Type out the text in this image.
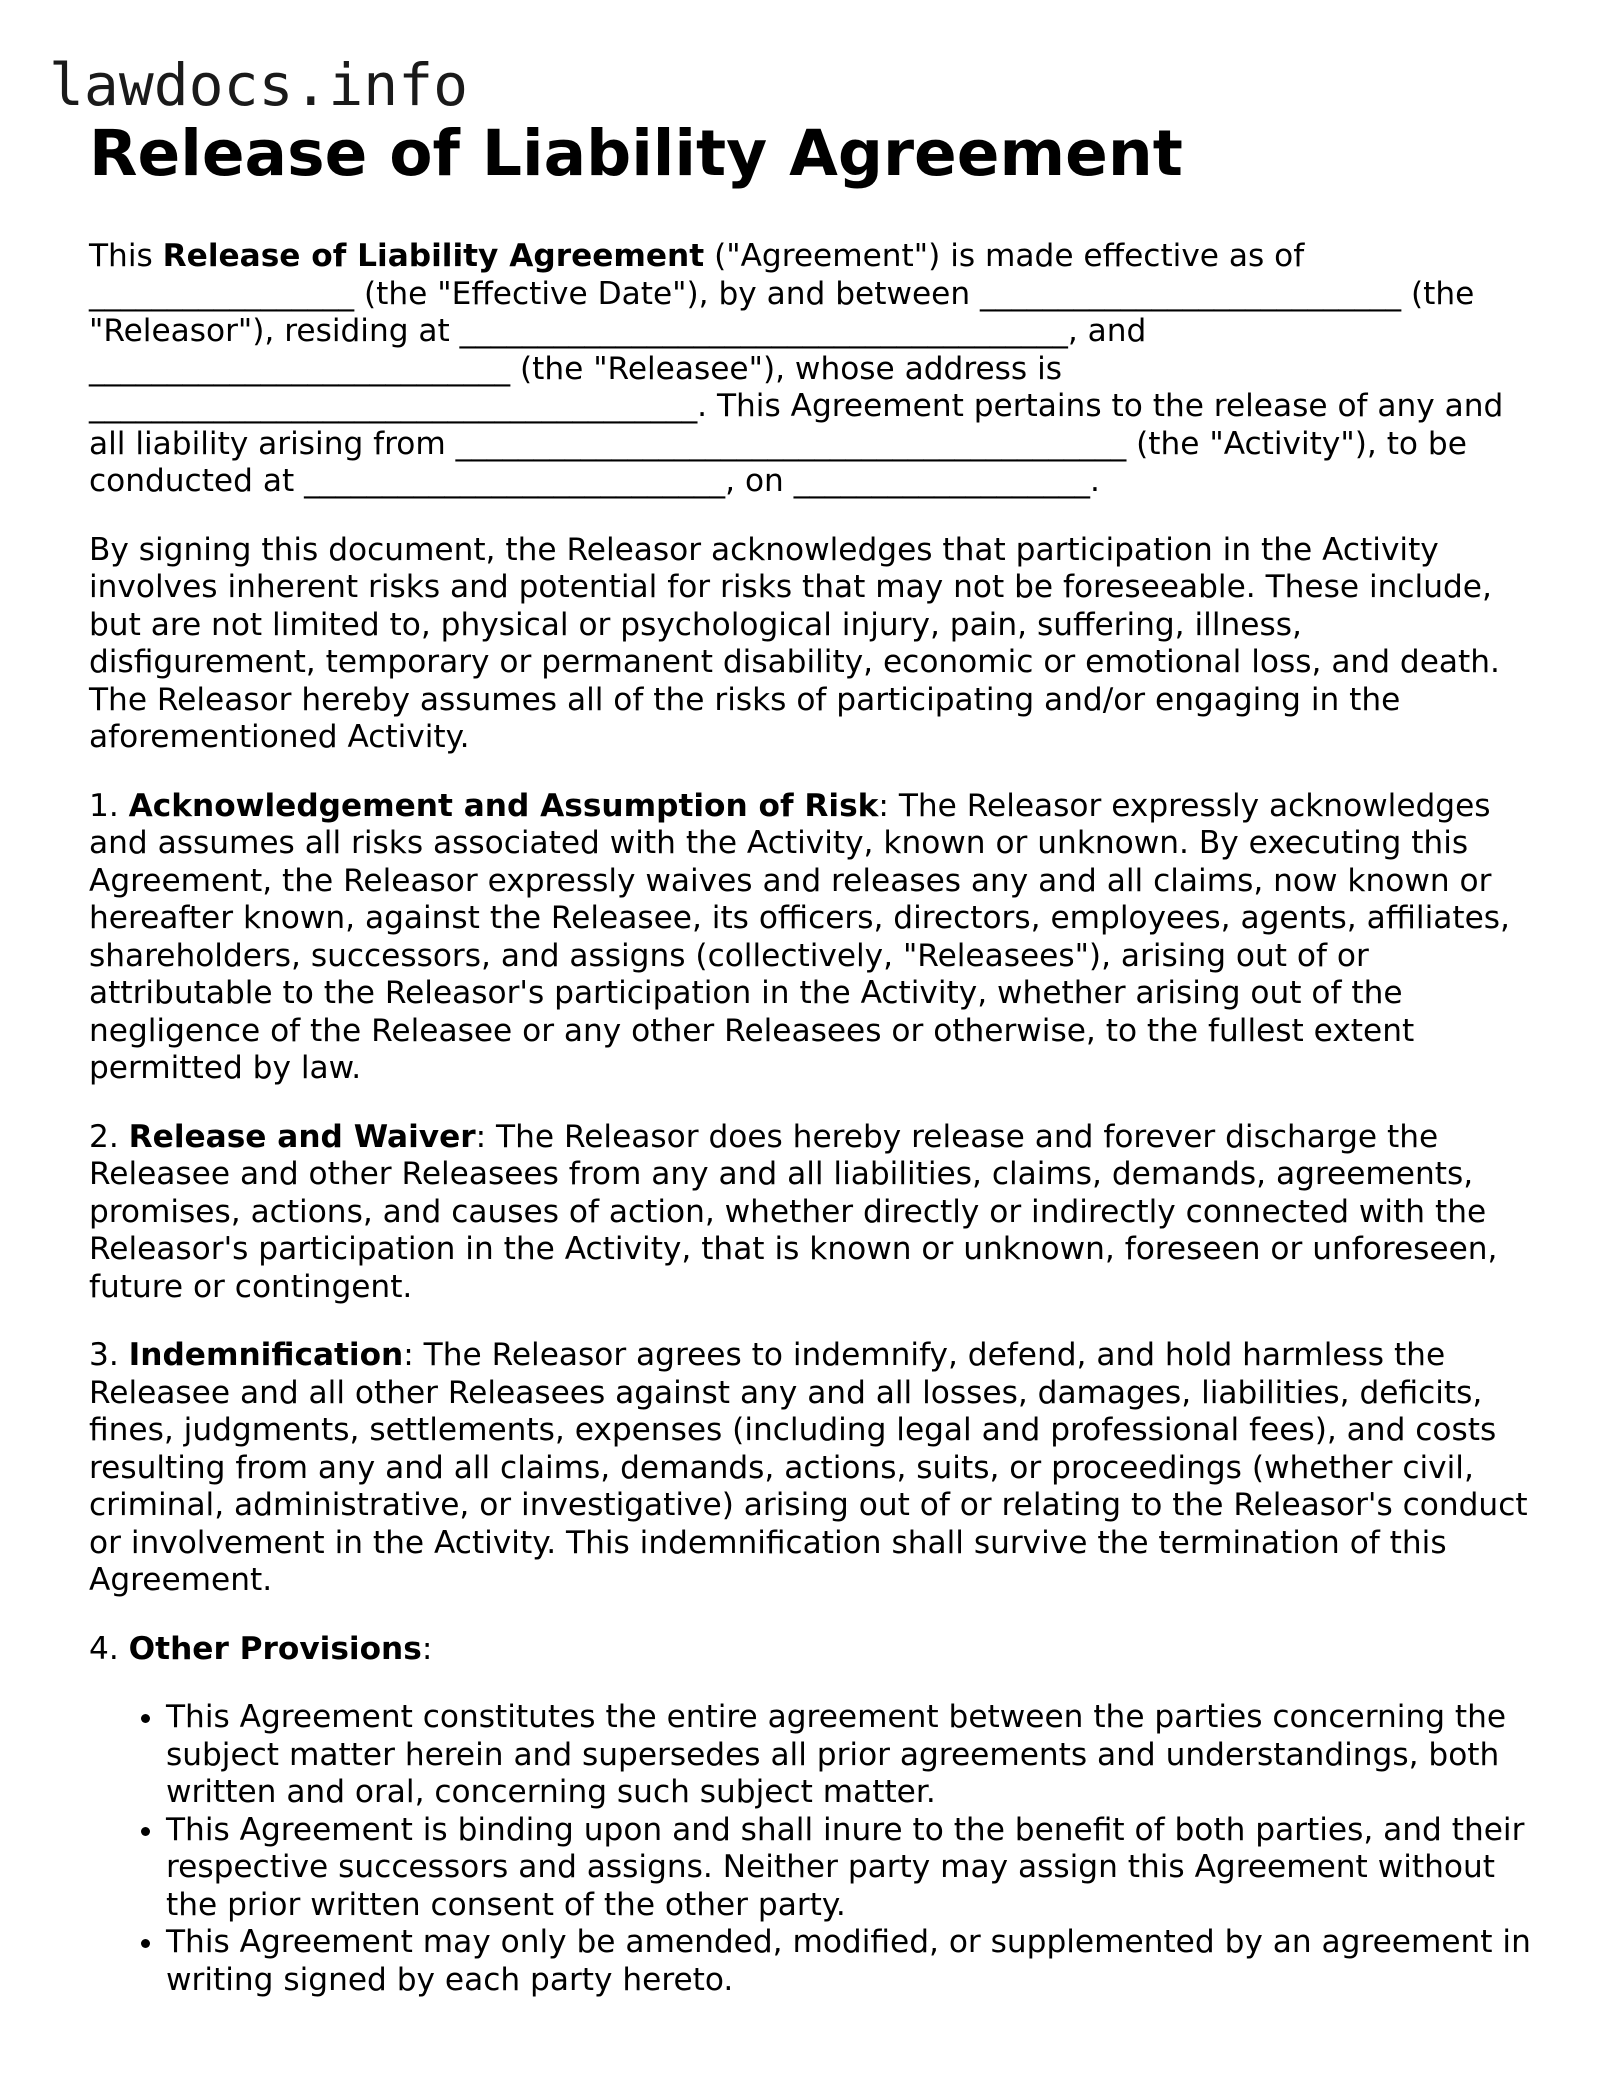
lawdocs.info
Release of Liability Agreement

This Release of Liability Agreement ("Agreement") is made effective as of _________________ (the "Effective Date"), by and between ___________________________ (the "Releasor"), residing at _______________________________________, and ___________________________ (the "Releasee"), whose address is _______________________________________. This Agreement pertains to the release of any and all liability arising from ___________________________________________ (the "Activity"), to be conducted at ___________________________, on ___________________.

By signing this document, the Releasor acknowledges that participation in the Activity involves inherent risks and potential for risks that may not be foreseeable. These include, but are not limited to, physical or psychological injury, pain, suffering, illness, disfigurement, temporary or permanent disability, economic or emotional loss, and death. The Releasor hereby assumes all of the risks of participating and/or engaging in the aforementioned Activity.

1. Acknowledgement and Assumption of Risk: The Releasor expressly acknowledges and assumes all risks associated with the Activity, known or unknown. By executing this Agreement, the Releasor expressly waives and releases any and all claims, now known or hereafter known, against the Releasee, its officers, directors, employees, agents, affiliates, shareholders, successors, and assigns (collectively, "Releasees"), arising out of or attributable to the Releasor's participation in the Activity, whether arising out of the negligence of the Releasee or any other Releasees or otherwise, to the fullest extent permitted by law.

2. Release and Waiver: The Releasor does hereby release and forever discharge the Releasee and other Releasees from any and all liabilities, claims, demands, agreements, promises, actions, and causes of action, whether directly or indirectly connected with the Releasor's participation in the Activity, that is known or unknown, foreseen or unforeseen, future or contingent.

3. Indemnification: The Releasor agrees to indemnify, defend, and hold harmless the Releasee and all other Releasees against any and all losses, damages, liabilities, deficits, fines, judgments, settlements, expenses (including legal and professional fees), and costs resulting from any and all claims, demands, actions, suits, or proceedings (whether civil, criminal, administrative, or investigative) arising out of or relating to the Releasor's conduct or involvement in the Activity. This indemnification shall survive the termination of this Agreement.

4. Other Provisions:

• This Agreement constitutes the entire agreement between the parties concerning the subject matter herein and supersedes all prior agreements and understandings, both written and oral, concerning such subject matter.
• This Agreement is binding upon and shall inure to the benefit of both parties, and their respective successors and assigns. Neither party may assign this Agreement without the prior written consent of the other party.
• This Agreement may only be amended, modified, or supplemented by an agreement in writing signed by each party hereto.
